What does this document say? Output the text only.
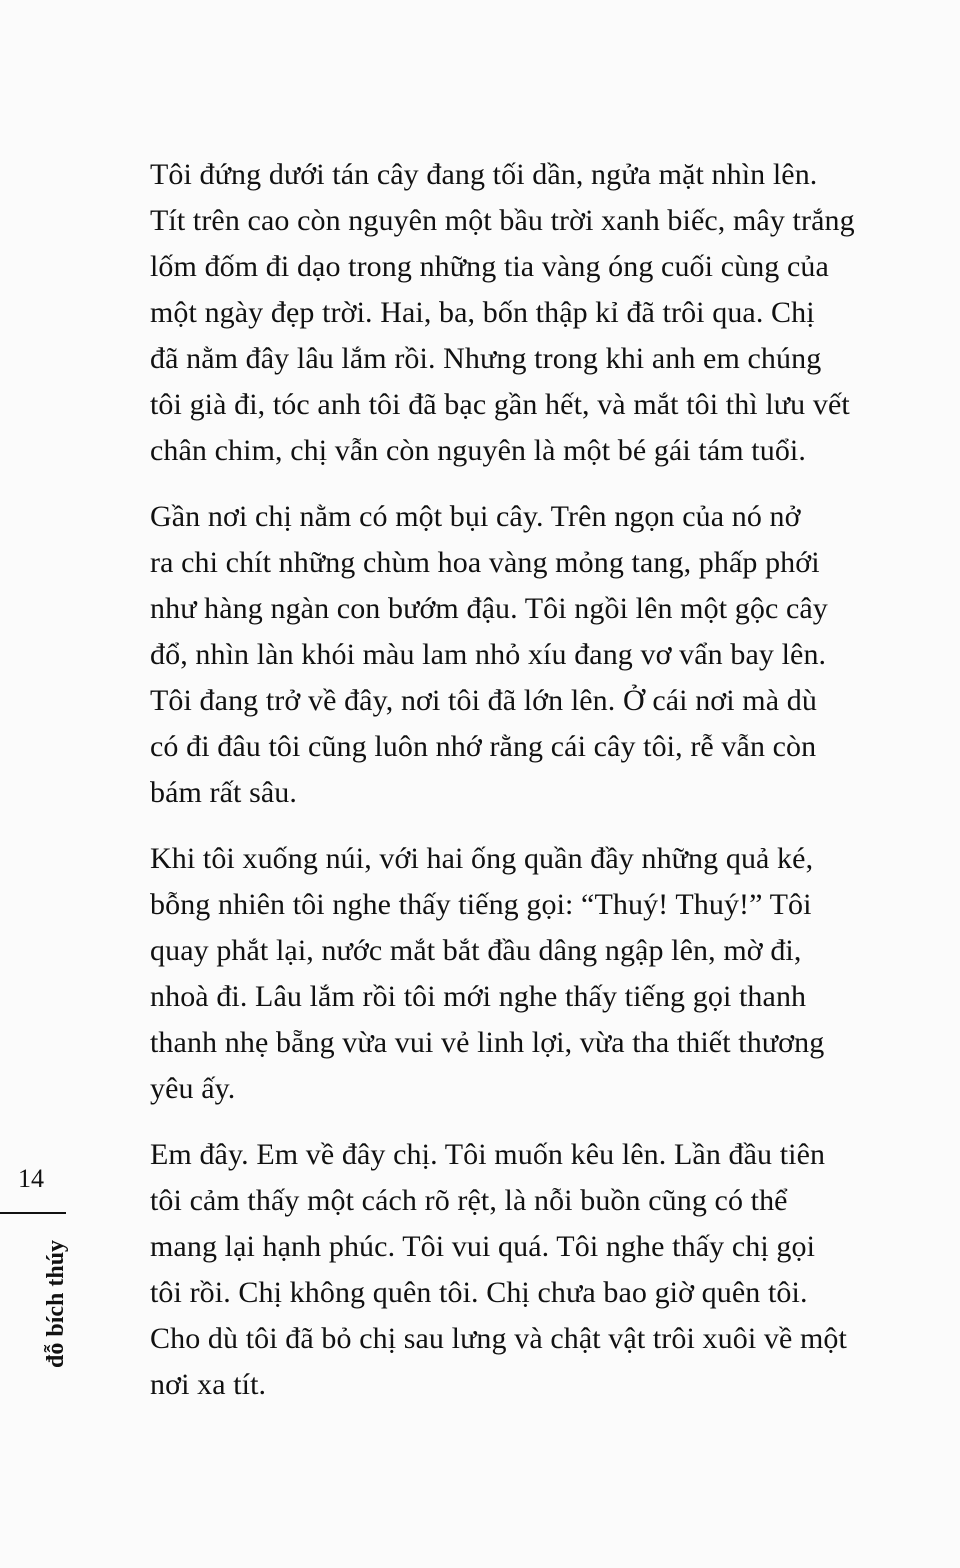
Tôi đứng dưới tán cây đang tối dần, ngửa mặt nhìn lên.
Tít trên cao còn nguyên một bầu trời xanh biếc, mây trắng
lốm đốm đi dạo trong những tia vàng óng cuối cùng của
một ngày đẹp trời. Hai, ba, bốn thập kỉ đã trôi qua. Chị
đã nằm đây lâu lắm rồi. Nhưng trong khi anh em chúng
tôi già đi, tóc anh tôi đã bạc gần hết, và mắt tôi thì lưu vết
chân chim, chị vẫn còn nguyên là một bé gái tám tuổi.
Gần nơi chị nằm có một bụi cây. Trên ngọn của nó nở
ra chi chít những chùm hoa vàng mỏng tang, phấp phới
như hàng ngàn con bướm đậu. Tôi ngồi lên một gộc cây
đổ, nhìn làn khói màu lam nhỏ xíu đang vơ vẩn bay lên.
Tôi đang trở về đây, nơi tôi đã lớn lên. Ở cái nơi mà dù
có đi đâu tôi cũng luôn nhớ rằng cái cây tôi, rễ vẫn còn
bám rất sâu.
Khi tôi xuống núi, với hai ống quần đầy những quả ké,
bỗng nhiên tôi nghe thấy tiếng gọi: “Thuý! Thuý!” Tôi
quay phắt lại, nước mắt bắt đầu dâng ngập lên, mờ đi,
nhoà đi. Lâu lắm rồi tôi mới nghe thấy tiếng gọi thanh
thanh nhẹ bẵng vừa vui vẻ linh lợi, vừa tha thiết thương
yêu ấy.
Em đây. Em về đây chị. Tôi muốn kêu lên. Lần đầu tiên
tôi cảm thấy một cách rõ rệt, là nỗi buồn cũng có thể
mang lại hạnh phúc. Tôi vui quá. Tôi nghe thấy chị gọi
tôi rồi. Chị không quên tôi. Chị chưa bao giờ quên tôi.
Cho dù tôi đã bỏ chị sau lưng và chật vật trôi xuôi về một
nơi xa tít.
14
đỗ bích thúy
